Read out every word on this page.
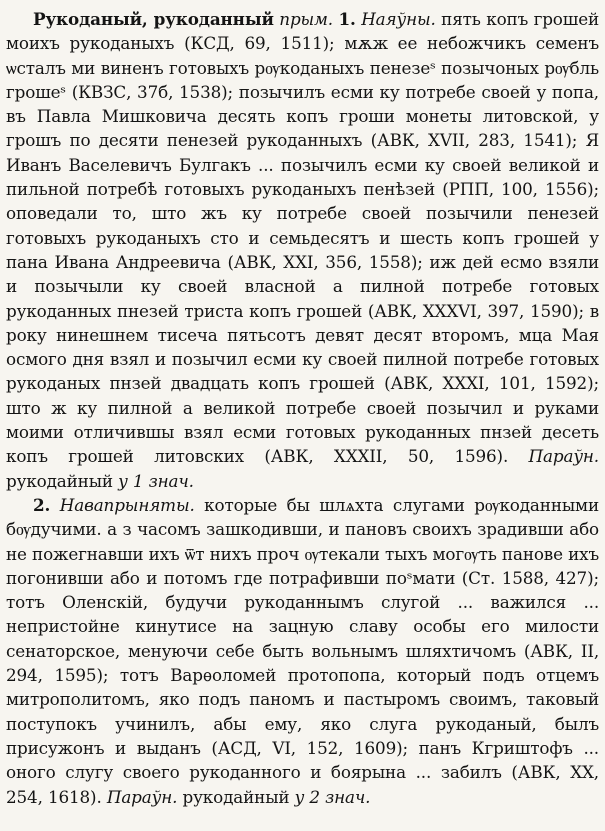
Рукоданый, рукоданный прым. 1. Наяўны. пять копъ грошей моихъ рукоданыхъ (КСД, 69, 1511); мѫж ее небожчикъ семенъ ѡсталъ ми виненъ готовыхъ рѹкоданыхъ пенезеˢ позычоных рѹбль грошеˢ (КВЗС, 37б, 1538); позычилъ есми ку потребе своей у попа, въ Павла Мишковича десять копъ гроши монеты литовской, у грошъ по десяти пенезей рукоданныхъ (АВК, XVII, 283, 1541); Я Иванъ Васелевичъ Булгакъ ... позычилъ есми ку своей великой и пильной потребѣ готовыхъ рукоданыхъ пенѣзей (РПП, 100, 1556); оповедали то, што жъ ку потребе своей позычили пенезей готовыхъ рукоданыхъ сто и семьдесятъ и шесть копъ грошей у пана Ивана Андреевича (АВК, XXI, 356, 1558); иж дей есмо взяли и позычыли ку своей власной а пилной потребе готовых рукоданных пнезей триста копъ грошей (АВК, XXXVI, 397, 1590); в року нинешнем тисеча пятьсотъ девят десят второмъ, мца Мая осмого дня взял и позычил есми ку своей пилной потребе готовых рукоданых пнзей двадцать копъ грошей (АВК, XXXI, 101, 1592); што ж ку пилной а великой потребе своей позычил и руками моими отличившы взял есми готовых рукоданных пнзей десеть копъ грошей литовских (АВК, XXXII, 50, 1596). Параўн. рукодайный у 1 знач.

2. Навапрыняты. которые бы шлѧхта слугами рѹкоданными бѹдучими. а з часомъ зашкодивши, и пановъ своихъ зрадивши або не пожегнавши ихъ ѿт нихъ проч ѹтекали тыхъ могѹть панове ихъ погонивши або и потомъ где потрафивши поˢмати (Ст. 1588, 427); тотъ Оленскій, будучи рукоданнымъ слугой ... важился ... непристойне кинутисе на зацную славу особы его милости сенаторское, менуючи себе быть вольнымъ шляхтичомъ (АВК, II, 294, 1595); тотъ Варѳоломей протопопа, который подъ отцемъ митрополитомъ, яко подъ паномъ и пастыромъ своимъ, таковый поступокъ учинилъ, абы ему, яко слуга рукоданый, былъ присужонъ и выданъ (АСД, VI, 152, 1609); панъ Кгриштофъ ... оного слугу своего рукоданного и боярына ... забилъ (АВК, XX, 254, 1618). Параўн. рукодайный у 2 знач.
